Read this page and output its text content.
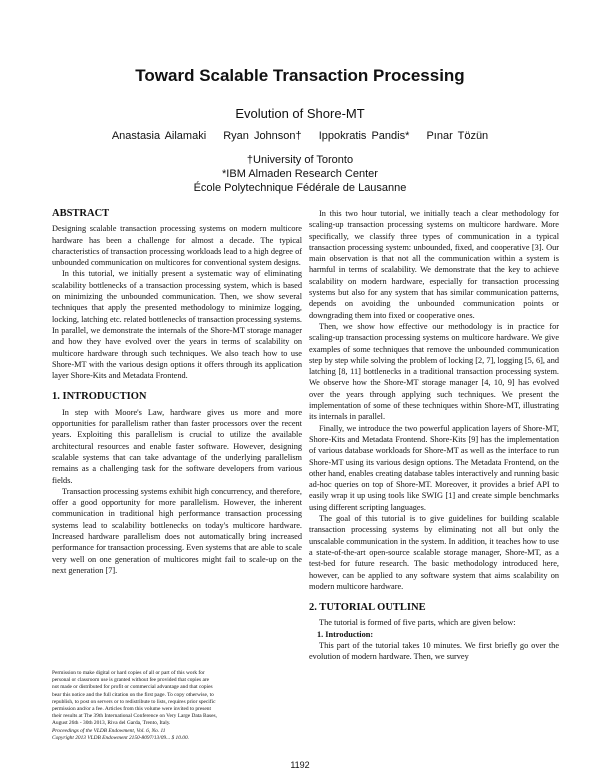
Toward Scalable Transaction Processing
Evolution of Shore-MT
Anastasia Ailamaki Ryan Johnson† Ippokratis Pandis* Pınar Tözün
†University of Toronto
*IBM Almaden Research Center
École Polytechnique Fédérale de Lausanne
ABSTRACT

Designing scalable transaction processing systems on modern multicore hardware has been a challenge for almost a decade. The typical characteristics of transaction processing workloads lead to a high degree of unbounded communication on multicores for conventional system designs.

In this tutorial, we initially present a systematic way of eliminating scalability bottlenecks of a transaction processing system, which is based on minimizing the unbounded communication. Then, we show several techniques that apply the presented methodology to minimize logging, locking, latching etc. related bottlenecks of transaction processing systems. In parallel, we demonstrate the internals of the Shore-MT storage manager and how they have evolved over the years in terms of scalability on multicore hardware through such techniques. We also teach how to use Shore-MT with the various design options it offers through its application layer Shore-Kits and Metadata Frontend.

1. INTRODUCTION

In step with Moore's Law, hardware gives us more and more opportunities for parallelism rather than faster processors over the recent years. Exploiting this parallelism is crucial to utilize the available architectural resources and enable faster software. However, designing scalable systems that can take advantage of the underlying parallelism remains as a challenging task for the software developers from various fields.

Transaction processing systems exhibit high concurrency, and therefore, offer a good opportunity for more parallelism. However, the inherent communication in traditional high performance transaction processing systems lead to scalability bottlenecks on today's multicore hardware. Increased hardware parallelism does not automatically bring increased performance for transaction processing. Even systems that are able to scale very well on one generation of multicores might fail to scale-up on the next generation [7].

Permission to make digital or hard copies of all or part of this work for
personal or classroom use is granted without fee provided that copies are
not made or distributed for profit or commercial advantage and that copies
bear this notice and the full citation on the first page. To copy otherwise, to
republish, to post on servers or to redistribute to lists, requires prior specific
permission and/or a fee. Articles from this volume were invited to present
their results at The 39th International Conference on Very Large Data Bases,
August 26th - 30th 2013, Riva del Garda, Trento, Italy.
Proceedings of the VLDB Endowment, Vol. 6, No. 11
Copyright 2013 VLDB Endowment 2150-8097/13/09... $ 10.00.

In this two hour tutorial, we initially teach a clear methodology for scaling-up transaction processing systems on multicore hardware. More specifically, we classify three types of communication in a typical transaction processing system: unbounded, fixed, and cooperative [3]. Our main observation is that not all the communication within a system is harmful in terms of scalability. We demonstrate that the key to achieve scalability on modern hardware, especially for transaction processing systems but also for any system that has similar communication patterns, depends on avoiding the unbounded communication points or downgrading them into fixed or cooperative ones.

Then, we show how effective our methodology is in practice for scaling-up transaction processing systems on multicore hardware. We give examples of some techniques that remove the unbounded communication step by step while solving the problem of locking [2, 7], logging [5, 6], and latching [8, 11] bottlenecks in a traditional transaction processing system. We observe how the Shore-MT storage manager [4, 10, 9] has evolved over the years through applying such techniques. We present the implementation of some of these techniques within Shore-MT, illustrating its internals in parallel.

Finally, we introduce the two powerful application layers of Shore-MT, Shore-Kits and Metadata Frontend. Shore-Kits [9] has the implementation of various database workloads for Shore-MT as well as the interface to run Shore-MT using its various design options. The Metadata Frontend, on the other hand, enables creating database tables interactively and running basic ad-hoc queries on top of Shore-MT. Moreover, it provides a brief API to easily wrap it up using tools like SWIG [1] and create simple benchmarks using different scripting languages.

The goal of this tutorial is to give guidelines for building scalable transaction processing systems by eliminating not all but only the unscalable communication in the system. In addition, it teaches how to use a state-of-the-art open-source scalable storage manager, Shore-MT, as a test-bed for future research. The basic methodology introduced here, however, can be applied to any software system that aims scalability on modern multicore hardware.

2. TUTORIAL OUTLINE

The tutorial is formed of five parts, which are given below:

1. Introduction:

This part of the tutorial takes 10 minutes. We first briefly go over the evolution of modern hardware. Then, we survey

1192
